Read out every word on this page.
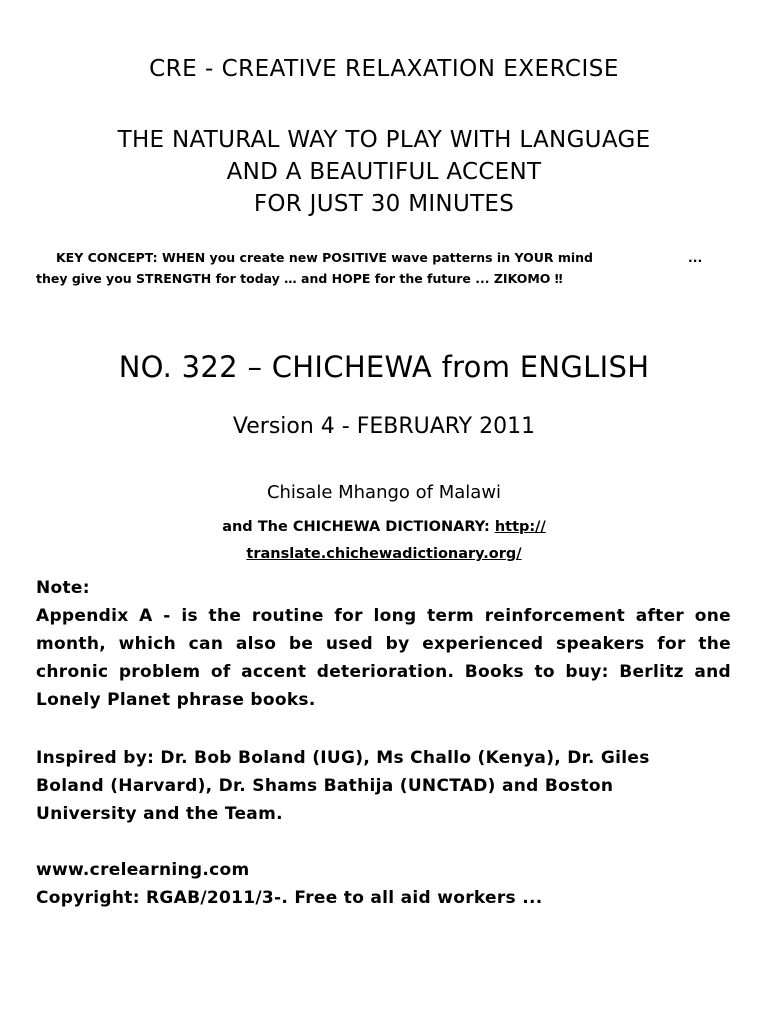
CRE - CREATIVE RELAXATION EXERCISE
THE NATURAL WAY TO PLAY WITH LANGUAGE
AND A BEAUTIFUL ACCENT
FOR JUST 30 MINUTES
KEY CONCEPT: WHEN you create new POSITIVE wave patterns in YOUR mind	...
they give you STRENGTH for today … and HOPE for the future ... ZIKOMO ‼
NO. 322 – CHICHEWA from ENGLISH
Version 4 - FEBRUARY 2011
Chisale Mhango of Malawi
and The CHICHEWA DICTIONARY: http://
translate.chichewadictionary.org/
Note:
Appendix A - is the routine for long term reinforcement after one month, which can also be used by experienced speakers for the chronic problem of accent deterioration. Books to buy: Berlitz and Lonely Planet phrase books.
Inspired by: Dr. Bob Boland (IUG), Ms Challo (Kenya), Dr. Giles
Boland (Harvard), Dr. Shams Bathija (UNCTAD) and Boston
University and the Team.
www.crelearning.com
Copyright: RGAB/2011/3-. Free to all aid workers ...
